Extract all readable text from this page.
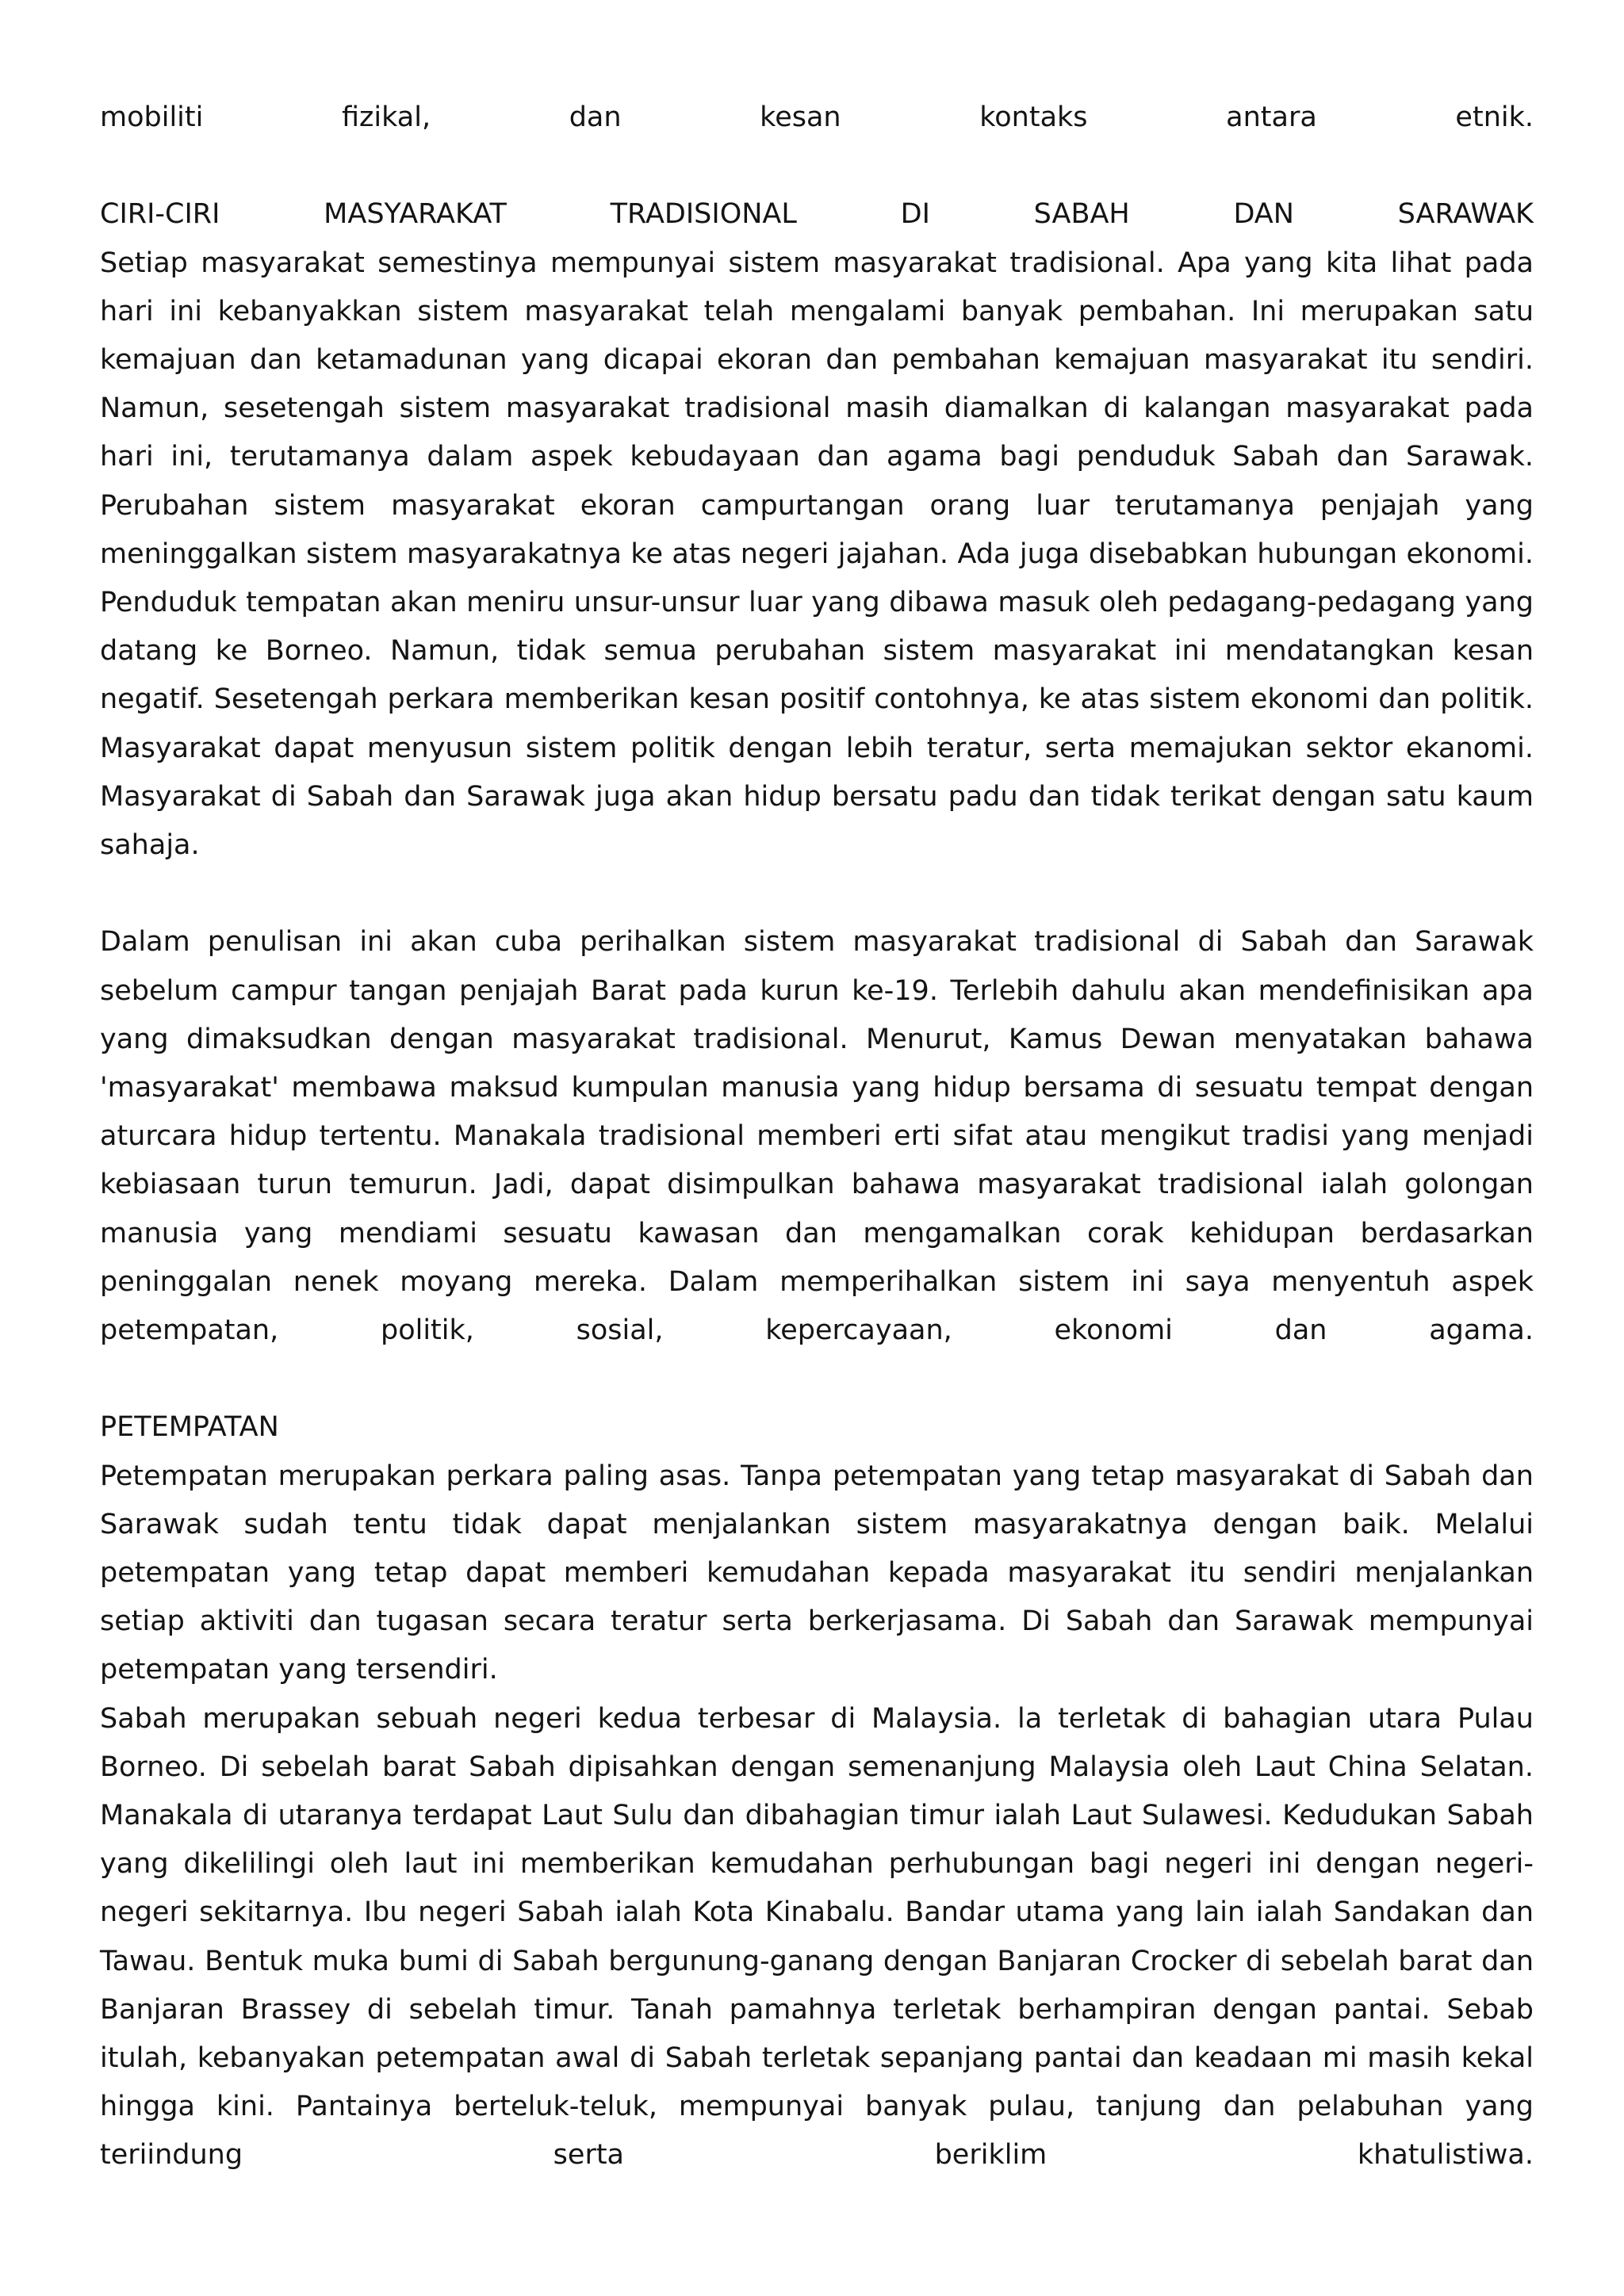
mobiliti fizikal, dan kesan kontaks antara etnik.

CIRI-CIRI MASYARAKAT TRADISIONAL DI SABAH DAN SARAWAK

Setiap masyarakat semestinya mempunyai sistem masyarakat tradisional. Apa yang kita lihat pada hari ini kebanyakkan sistem masyarakat telah mengalami banyak pembahan. Ini merupakan satu kemajuan dan ketamadunan yang dicapai ekoran dan pembahan kemajuan masyarakat itu sendiri. Namun, sesetengah sistem masyarakat tradisional masih diamalkan di kalangan masyarakat pada hari ini, terutamanya dalam aspek kebudayaan dan agama bagi penduduk Sabah dan Sarawak. Perubahan sistem masyarakat ekoran campurtangan orang luar terutamanya penjajah yang meninggalkan sistem masyarakatnya ke atas negeri jajahan. Ada juga disebabkan hubungan ekonomi. Penduduk tempatan akan meniru unsur-unsur luar yang dibawa masuk oleh pedagang-pedagang yang datang ke Borneo. Namun, tidak semua perubahan sistem masyarakat ini mendatangkan kesan negatif. Sesetengah perkara memberikan kesan positif contohnya, ke atas sistem ekonomi dan politik. Masyarakat dapat menyusun sistem politik dengan lebih teratur, serta memajukan sektor ekanomi. Masyarakat di Sabah dan Sarawak juga akan hidup bersatu padu dan tidak terikat dengan satu kaum sahaja.

Dalam penulisan ini akan cuba perihalkan sistem masyarakat tradisional di Sabah dan Sarawak sebelum campur tangan penjajah Barat pada kurun ke-19. Terlebih dahulu akan mendefinisikan apa yang dimaksudkan dengan masyarakat tradisional. Menurut, Kamus Dewan menyatakan bahawa 'masyarakat' membawa maksud kumpulan manusia yang hidup bersama di sesuatu tempat dengan aturcara hidup tertentu. Manakala tradisional memberi erti sifat atau mengikut tradisi yang menjadi kebiasaan turun temurun. Jadi, dapat disimpulkan bahawa masyarakat tradisional ialah golongan manusia yang mendiami sesuatu kawasan dan mengamalkan corak kehidupan berdasarkan peninggalan nenek moyang mereka. Dalam memperihalkan sistem ini saya menyentuh aspek petempatan, politik, sosial, kepercayaan, ekonomi dan agama.

PETEMPATAN

Petempatan merupakan perkara paling asas. Tanpa petempatan yang tetap masyarakat di Sabah dan Sarawak sudah tentu tidak dapat menjalankan sistem masyarakatnya dengan baik. Melalui petempatan yang tetap dapat memberi kemudahan kepada masyarakat itu sendiri menjalankan setiap aktiviti dan tugasan secara teratur serta berkerjasama. Di Sabah dan Sarawak mempunyai petempatan yang tersendiri.

Sabah merupakan sebuah negeri kedua terbesar di Malaysia. la terletak di bahagian utara Pulau Borneo. Di sebelah barat Sabah dipisahkan dengan semenanjung Malaysia oleh Laut China Selatan. Manakala di utaranya terdapat Laut Sulu dan dibahagian timur ialah Laut Sulawesi. Kedudukan Sabah yang dikelilingi oleh laut ini memberikan kemudahan perhubungan bagi negeri ini dengan negeri-negeri sekitarnya. Ibu negeri Sabah ialah Kota Kinabalu. Bandar utama yang lain ialah Sandakan dan Tawau. Bentuk muka bumi di Sabah bergunung-ganang dengan Banjaran Crocker di sebelah barat dan Banjaran Brassey di sebelah timur. Tanah pamahnya terletak berhampiran dengan pantai. Sebab itulah, kebanyakan petempatan awal di Sabah terletak sepanjang pantai dan keadaan mi masih kekal hingga kini. Pantainya berteluk-teluk, mempunyai banyak pulau, tanjung dan pelabuhan yang teriindung serta beriklim khatulistiwa.
